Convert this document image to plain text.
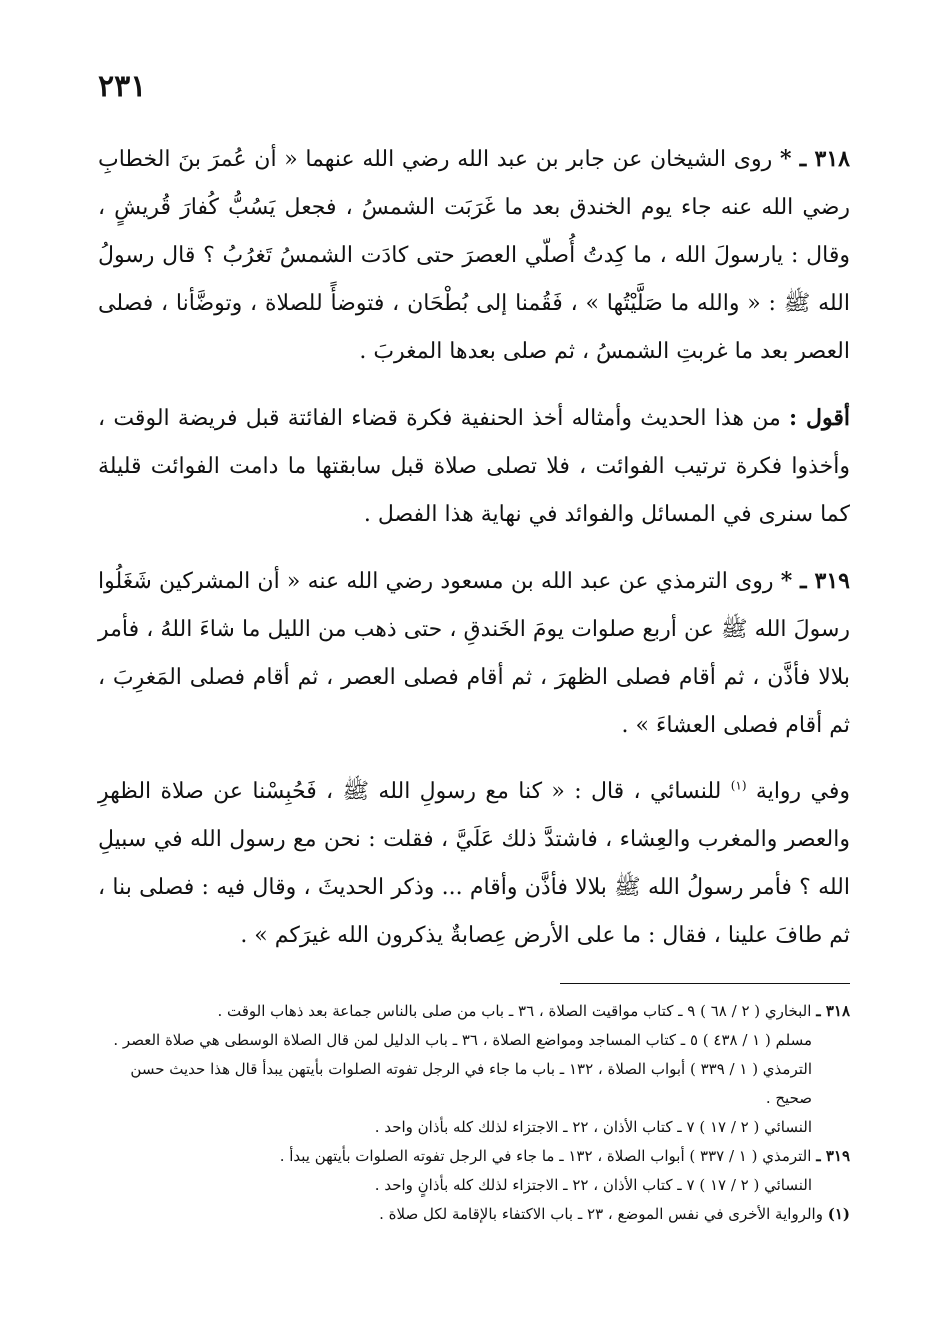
٢٣١

٣١٨ ـ * روى الشيخان عن جابر بن عبد الله رضي الله عنهما « أن عُمرَ بنَ الخطابِ رضي الله عنه جاء يوم الخندق بعد ما غَرَبَت الشمسُ ، فجعل يَسُبُّ كُفارَ قُريشٍ ، وقال : يارسولَ الله ، ما كِدتُ أُصلّي العصرَ حتى كادَت الشمسُ تَغرُبُ ؟ قال رسولُ الله ﷺ : « والله ما صَلَّيْتُها » ، فَقُمنا إلى بُطْحَان ، فتوضأً للصلاة ، وتوضَّأنا ، فصلى العصر بعد ما غربتِ الشمسُ ، ثم صلى بعدها المغربَ .

أقول : من هذا الحديث وأمثاله أخذ الحنفية فكرة قضاء الفائتة قبل فريضة الوقت ، وأخذوا فكرة ترتيب الفوائت ، فلا تصلى صلاة قبل سابقتها ما دامت الفوائت قليلة كما سنرى في المسائل والفوائد في نهاية هذا الفصل .

٣١٩ ـ * روى الترمذي عن عبد الله بن مسعود رضي الله عنه « أن المشركين شَغَلُوا رسولَ الله ﷺ عن أربع صلوات يومَ الخَندقِ ، حتى ذهب من الليل ما شاءَ اللهُ ، فأمر بلالا فأذَّن ، ثم أقام فصلى الظهرَ ، ثم أقام فصلى العصر ، ثم أقام فصلى المَغرِبَ ، ثم أقام فصلى العشاءَ » .

وفي رواية $^{(١)}$ للنسائي ، قال : « كنا مع رسولِ الله ﷺ ، فَحُبِسْنا عن صلاة الظهرِ والعصر والمغرب والعِشاء ، فاشتدَّ ذلك عَلَيَّ ، فقلت : نحن مع رسول الله في سبيلِ الله ؟ فأمر رسولُ الله ﷺ بلالا فأذَّن وأقام ... وذكر الحديثَ ، وقال فيه : فصلى بنا ، ثم طافَ علينا ، فقال : ما على الأرض عِصابةٌ يذكرون الله غيرَكم » .

٣١٨ ـ البخاري ( ٢ / ٦٨ ) ٩ ـ كتاب مواقيت الصلاة ، ٣٦ ـ باب من صلى بالناس جماعة بعد ذهاب الوقت .

مسلم ( ١ / ٤٣٨ ) ٥ ـ كتاب المساجد ومواضع الصلاة ، ٣٦ ـ باب الدليل لمن قال الصلاة الوسطى هي صلاة العصر .

الترمذي ( ١ / ٣٣٩ ) أبواب الصلاة ، ١٣٢ ـ باب ما جاء في الرجل تفوته الصلوات بأيتهن يبدأ قال هذا حديث حسن صحيح .

النسائي ( ٢ / ١٧ ) ٧ ـ كتاب الأذان ، ٢٢ ـ الاجتزاء لذلك كله بأذان واحد .

٣١٩ ـ الترمذي ( ١ / ٣٣٧ ) أبواب الصلاة ، ١٣٢ ـ ما جاء في الرجل تفوته الصلوات بأيتهن يبدأ .

النسائي ( ٢ / ١٧ ) ٧ ـ كتاب الأذان ، ٢٢ ـ الاجتزاء لذلك كله بأذانٍ واحد .

(١) والرواية الأخرى في نفس الموضع ، ٢٣ ـ باب الاكتفاء بالإقامة لكل صلاة .
